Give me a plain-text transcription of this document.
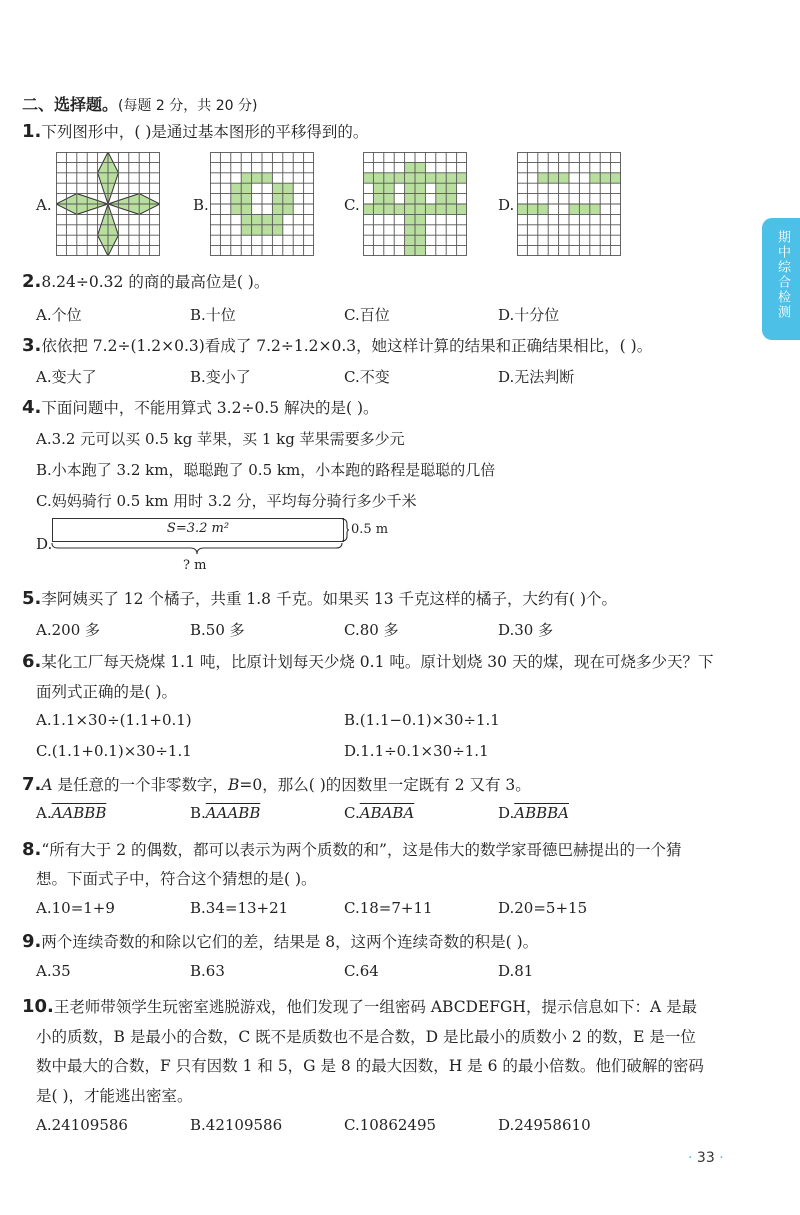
二、选择题。(每题 2 分，共 20 分)
1.下列图形中，( )是通过基本图形的平移得到的。
A.	B.	C.	D.
2.8.24÷0.32 的商的最高位是( )。
A.个位	B.十位	C.百位	D.十分位
3.依依把 7.2÷(1.2×0.3)看成了 7.2÷1.2×0.3，她这样计算的结果和正确结果相比，( )。
A.变大了	B.变小了	C.不变	D.无法判断
4.下面问题中，不能用算式 3.2÷0.5 解决的是( )。
A.3.2 元可以买 0.5 kg 苹果，买 1 kg 苹果需要多少元
B.小本跑了 3.2 km，聪聪跑了 0.5 km，小本跑的路程是聪聪的几倍
C.妈妈骑行 0.5 km 用时 3.2 分，平均每分骑行多少千米
D.
S=3.2 m²	0.5 m
? m
5.李阿姨买了 12 个橘子，共重 1.8 千克。如果买 13 千克这样的橘子，大约有( )个。
A.200 多	B.50 多	C.80 多	D.30 多
6.某化工厂每天烧煤 1.1 吨，比原计划每天少烧 0.1 吨。原计划烧 30 天的煤，现在可烧多少天？下
面列式正确的是( )。
A.1.1×30÷(1.1+0.1)	B.(1.1−0.1)×30÷1.1
C.(1.1+0.1)×30÷1.1	D.1.1÷0.1×30÷1.1
7.A 是任意的一个非零数字，B=0，那么( )的因数里一定既有 2 又有 3。
A.AABBB	B.AAABB	C.ABABA	D.ABBBA
8.“所有大于 2 的偶数，都可以表示为两个质数的和”，这是伟大的数学家哥德巴赫提出的一个猜
想。下面式子中，符合这个猜想的是( )。
A.10=1+9	B.34=13+21	C.18=7+11	D.20=5+15
9.两个连续奇数的和除以它们的差，结果是 8，这两个连续奇数的积是( )。
A.35	B.63	C.64	D.81
10.王老师带领学生玩密室逃脱游戏，他们发现了一组密码 ABCDEFGH，提示信息如下：A 是最
小的质数，B 是最小的合数，C 既不是质数也不是合数，D 是比最小的质数小 2 的数，E 是一位
数中最大的合数，F 只有因数 1 和 5，G 是 8 的最大因数，H 是 6 的最小倍数。他们破解的密码
是( )，才能逃出密室。
A.24109586	B.42109586	C.10862495	D.24958610
期中综合检测
· 33 ·
